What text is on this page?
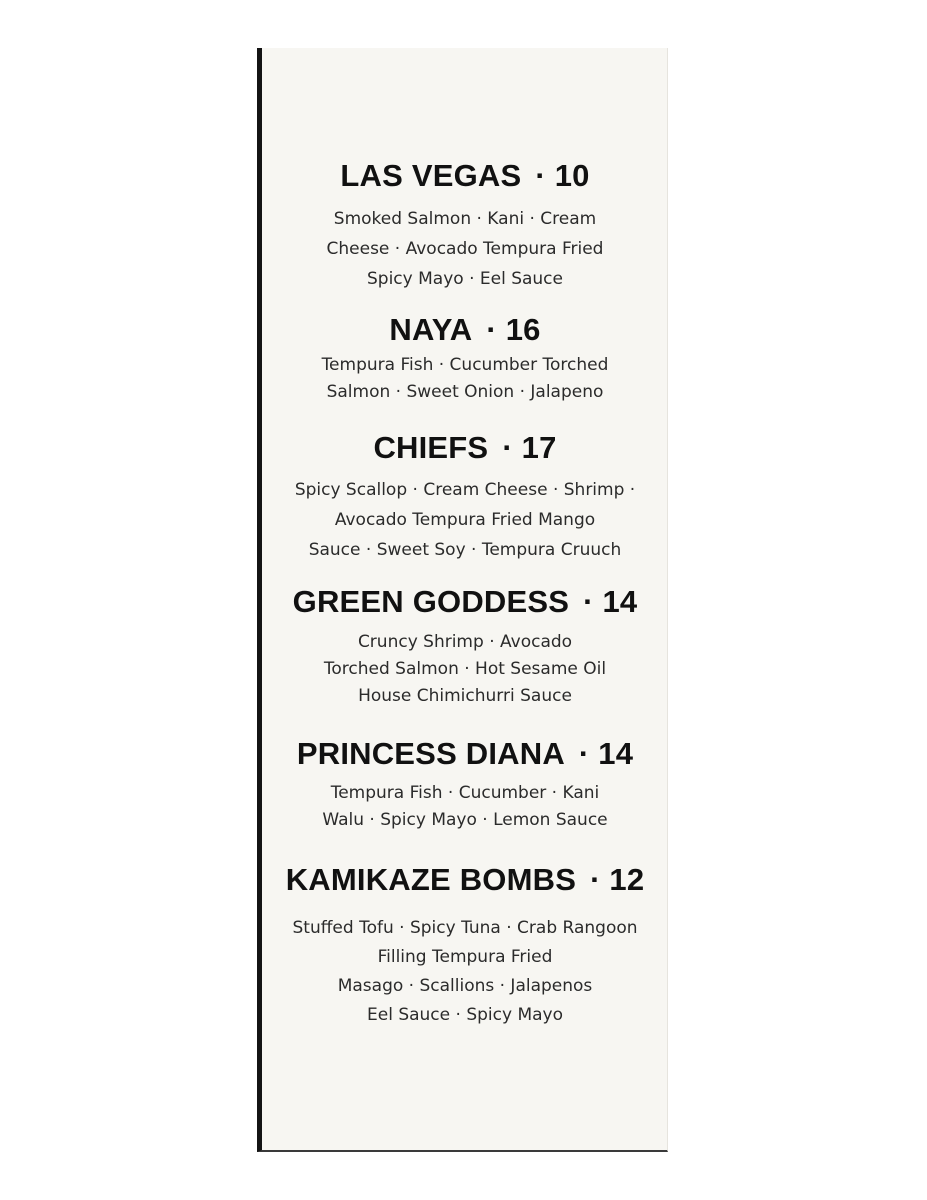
LAS VEGAS · 10
Smoked Salmon · Kani · Cream
Cheese · Avocado Tempura Fried
Spicy Mayo · Eel Sauce
NAYA · 16
Tempura Fish · Cucumber Torched
Salmon · Sweet Onion · Jalapeno
CHIEFS · 17
Spicy Scallop · Cream Cheese · Shrimp ·
Avocado Tempura Fried Mango
Sauce · Sweet Soy · Tempura Cruuch
GREEN GODDESS · 14
Cruncy Shrimp · Avocado
Torched Salmon · Hot Sesame Oil
House Chimichurri Sauce
PRINCESS DIANA · 14
Tempura Fish · Cucumber · Kani
Walu · Spicy Mayo · Lemon Sauce
KAMIKAZE BOMBS · 12
Stuffed Tofu · Spicy Tuna · Crab Rangoon
Filling Tempura Fried
Masago · Scallions · Jalapenos
Eel Sauce · Spicy Mayo
